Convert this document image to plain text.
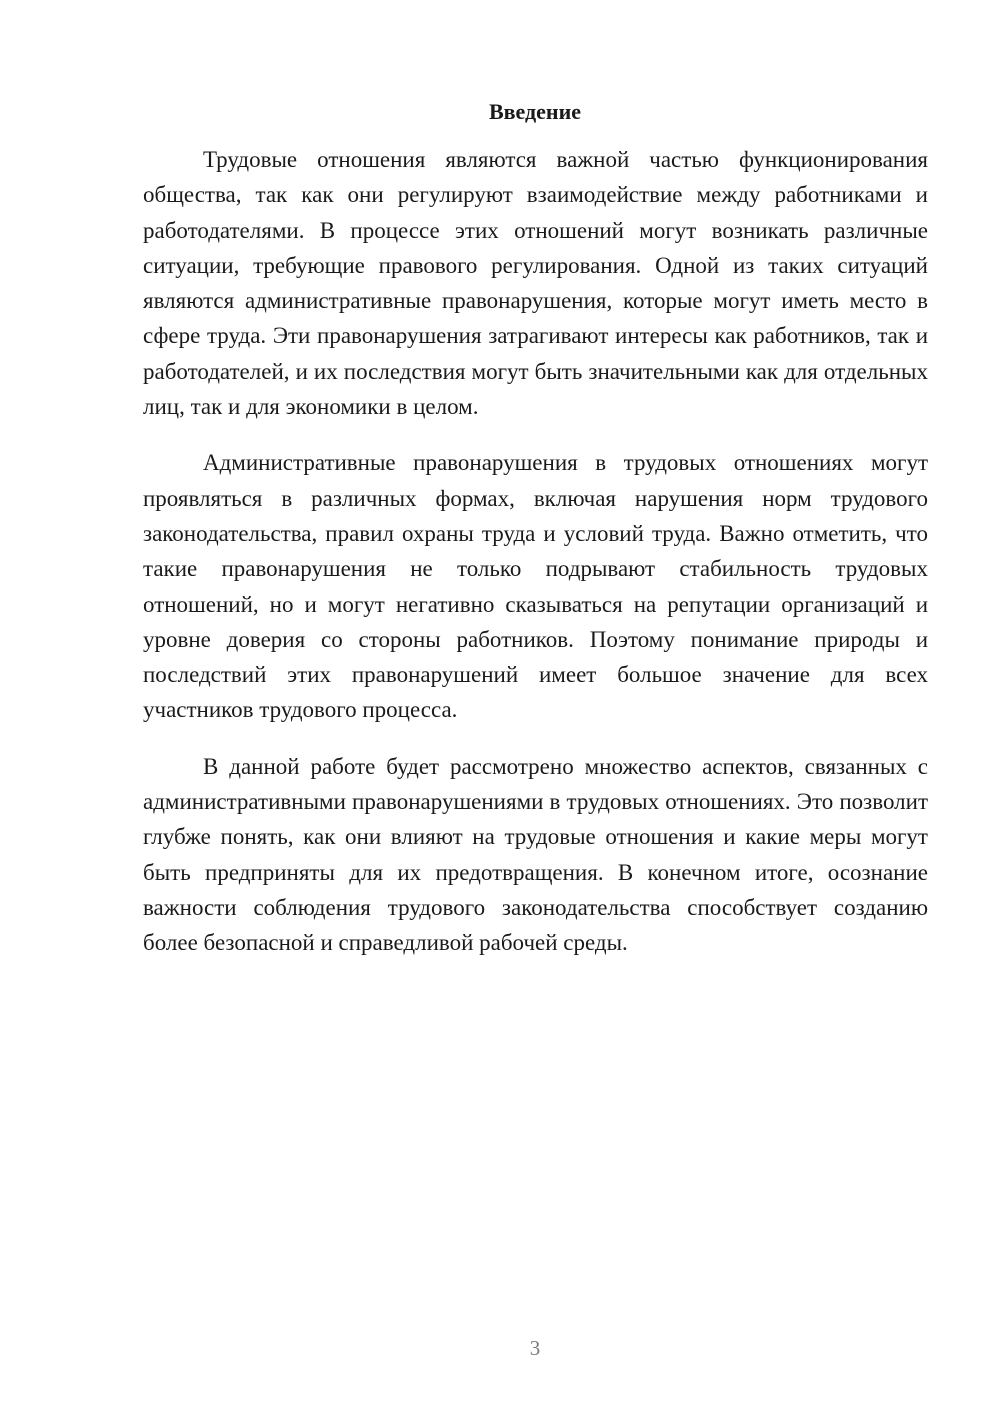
Введение

Трудовые отношения являются важной частью функционирования общества, так как они регулируют взаимодействие между работниками и работодателями. В процессе этих отношений могут возникать различные ситуации, требующие правового регулирования. Одной из таких ситуаций являются административные правонарушения, которые могут иметь место в сфере труда. Эти правонарушения затрагивают интересы как работников, так и работодателей, и их последствия могут быть значительными как для отдельных лиц, так и для экономики в целом.

Административные правонарушения в трудовых отношениях могут проявляться в различных формах, включая нарушения норм трудового законодательства, правил охраны труда и условий труда. Важно отметить, что такие правонарушения не только подрывают стабильность трудовых отношений, но и могут негативно сказываться на репутации организаций и уровне доверия со стороны работников. Поэтому понимание природы и последствий этих правонарушений имеет большое значение для всех участников трудового процесса.

В данной работе будет рассмотрено множество аспектов, связанных с административными правонарушениями в трудовых отношениях. Это позволит глубже понять, как они влияют на трудовые отношения и какие меры могут быть предприняты для их предотвращения. В конечном итоге, осознание важности соблюдения трудового законодательства способствует созданию более безопасной и справедливой рабочей среды.

3
